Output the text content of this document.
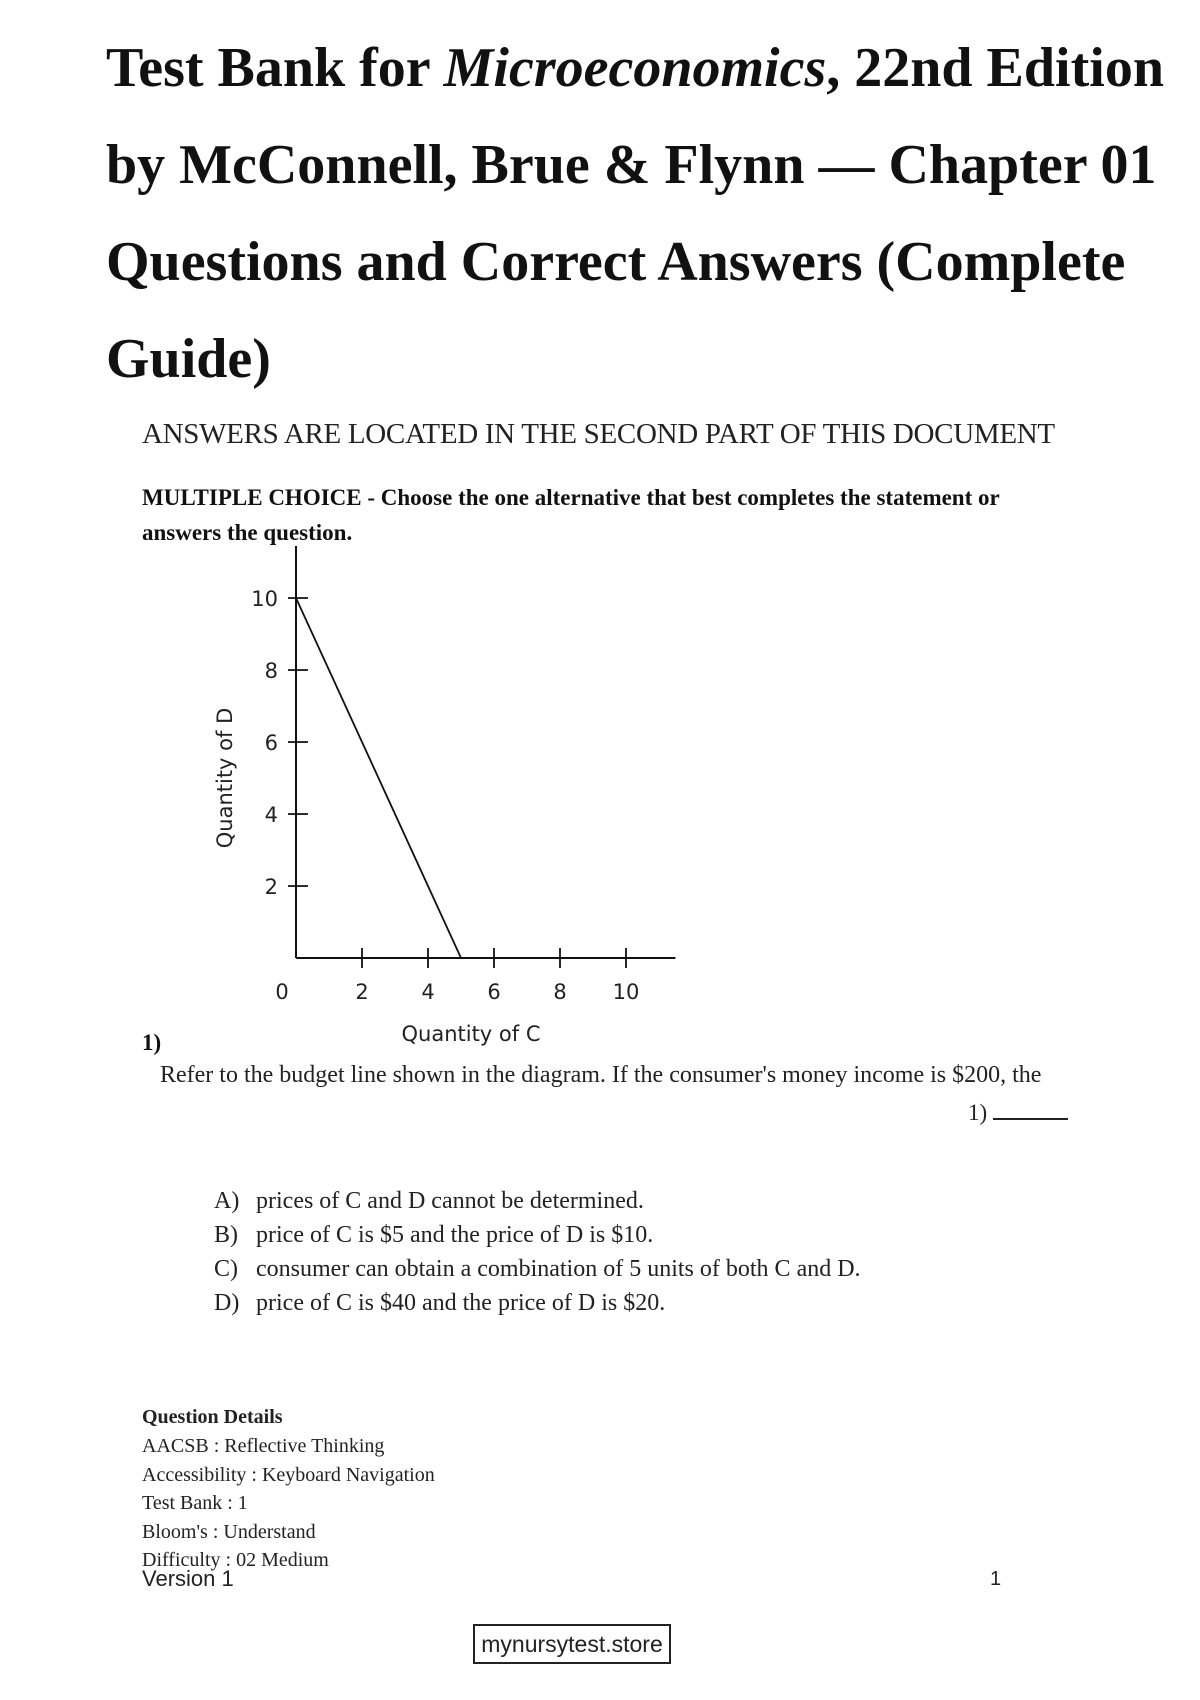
Test Bank for Microeconomics, 22nd Edition
by McConnell, Brue & Flynn — Chapter 01
Questions and Correct Answers (Complete
Guide)
ANSWERS ARE LOCATED IN THE SECOND PART OF THIS DOCUMENT
MULTIPLE CHOICE - Choose the one alternative that best completes the statement or
answers the question.
2
4
6
8
10
0	2	4	6	8 10
Quantity of C
Quantity of D
1)
Refer to the budget line shown in the diagram. If the consumer's money income is $200, the
1)
A) prices of C and D cannot be determined.
B) price of C is $5 and the price of D is $10.
C) consumer can obtain a combination of 5 units of both C and D.
D) price of C is $40 and the price of D is $20.
Question Details
AACSB : Reflective Thinking
Accessibility : Keyboard Navigation
Test Bank : 1
Bloom's : Understand
Difficulty : 02 Medium
Version 1	1
mynursytest.store
